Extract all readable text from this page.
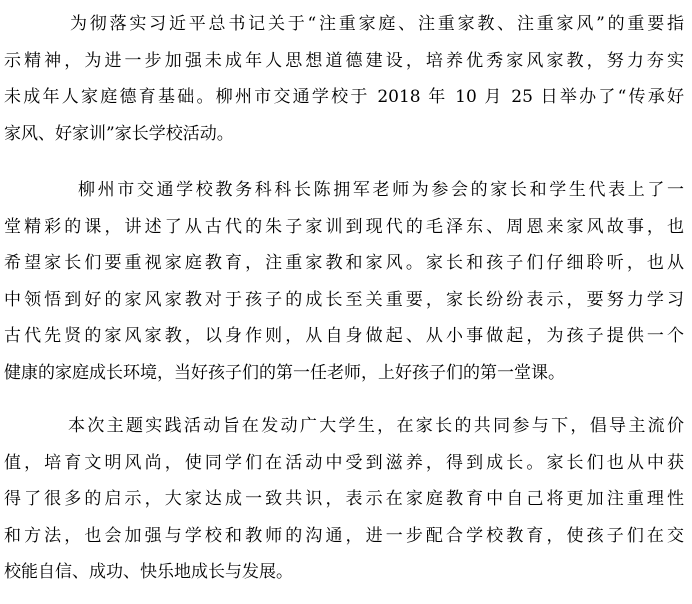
为彻落实习近平总书记关于“注重家庭、注重家教、注重家风”的重要指
示精神，为进一步加强未成年人思想道德建设，培养优秀家风家教，努力夯实
未成年人家庭德育基础。柳州市交通学校于 2018 年 10 月 25 日举办了“传承好
家风、好家训”家长学校活动。
柳州市交通学校教务科科长陈拥军老师为参会的家长和学生代表上了一
堂精彩的课，讲述了从古代的朱子家训到现代的毛泽东、周恩来家风故事，也
希望家长们要重视家庭教育，注重家教和家风。家长和孩子们仔细聆听，也从
中领悟到好的家风家教对于孩子的成长至关重要，家长纷纷表示，要努力学习
古代先贤的家风家教，以身作则，从自身做起、从小事做起，为孩子提供一个
健康的家庭成长环境，当好孩子们的第一任老师，上好孩子们的第一堂课。
本次主题实践活动旨在发动广大学生，在家长的共同参与下，倡导主流价
值，培育文明风尚，使同学们在活动中受到滋养，得到成长。家长们也从中获
得了很多的启示，大家达成一致共识，表示在家庭教育中自己将更加注重理性
和方法，也会加强与学校和教师的沟通，进一步配合学校教育，使孩子们在交
校能自信、成功、快乐地成长与发展。
